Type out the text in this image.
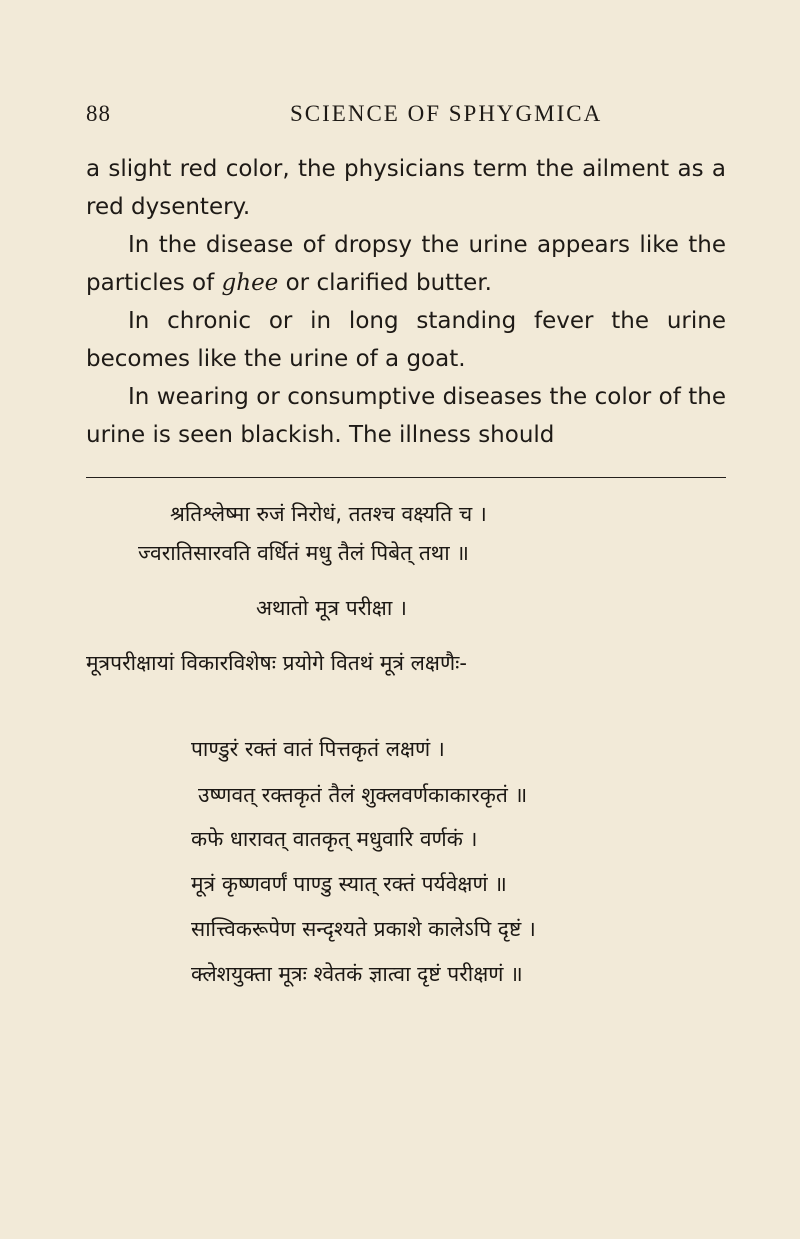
88	SCIENCE OF SPHYGMICA

a slight red color, the physicians term the ailment as a red dysentery.

In the disease of dropsy the urine appears like the particles of ghee or clarified butter.

In chronic or in long standing fever the urine becomes like the urine of a goat.

In wearing or consumptive diseases the color of the urine is seen blackish. The illness should

श्रतिश्लेष्मा रुजं निरोधं, ततश्च वक्ष्यति च ।
ज्वरातिसारवति वर्धितं मधु तैलं पिबेत् तथा ॥
अथातो मूत्र परीक्षा ।
मूत्रपरीक्षायां विकारविशेषः प्रयोगे वितथं मूत्रं लक्षणैः-
पाण्डुरं रक्तं वातं पित्तकृतं लक्षणं ।
उष्णवत् रक्तकृतं तैलं शुक्लवर्णकाकारकृतं ॥
कफे धारावत् वातकृत् मधुवारि वर्णकं ।
मूत्रं कृष्णवर्णं पाण्डु स्यात् रक्तं पर्यवेक्षणं ॥
सात्त्विकरूपेण सन्दृश्यते प्रकाशे कालेऽपि दृष्टं ।
क्लेशयुक्ता मूत्रः श्वेतकं ज्ञात्वा दृष्टं परीक्षणं ॥
